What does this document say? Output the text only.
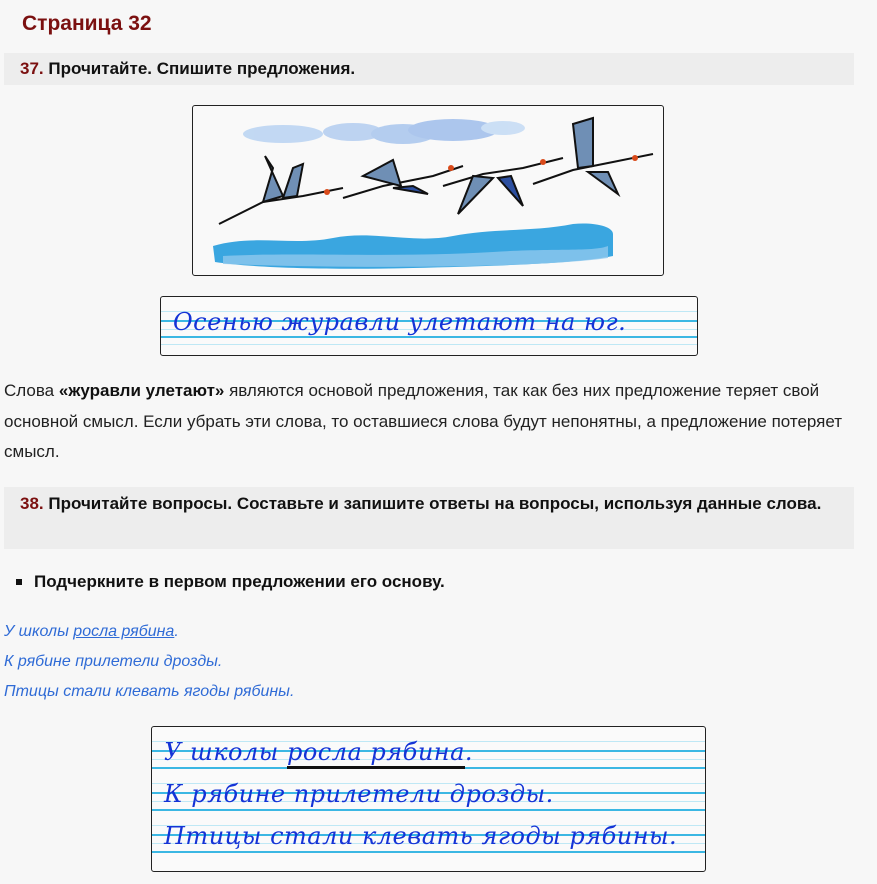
Страница 32
37. Прочитайте. Спишите предложения.
Осенью журавли улетают на юг.
Слова «журавли улетают» являются основой предложения, так как без них предложение теряет свой основной смысл. Если убрать эти слова, то оставшиеся слова будут непонятны, а предложение потеряет смысл.
38. Прочитайте вопросы. Составьте и запишите ответы на вопросы, используя данные слова.
Подчеркните в первом предложении его основу.
У школы росла рябина.
К рябине прилетели дрозды.
Птицы стали клевать ягоды рябины.
У школы росла рябина.
К рябине прилетели дрозды.
Птицы стали клевать ягоды рябины.
